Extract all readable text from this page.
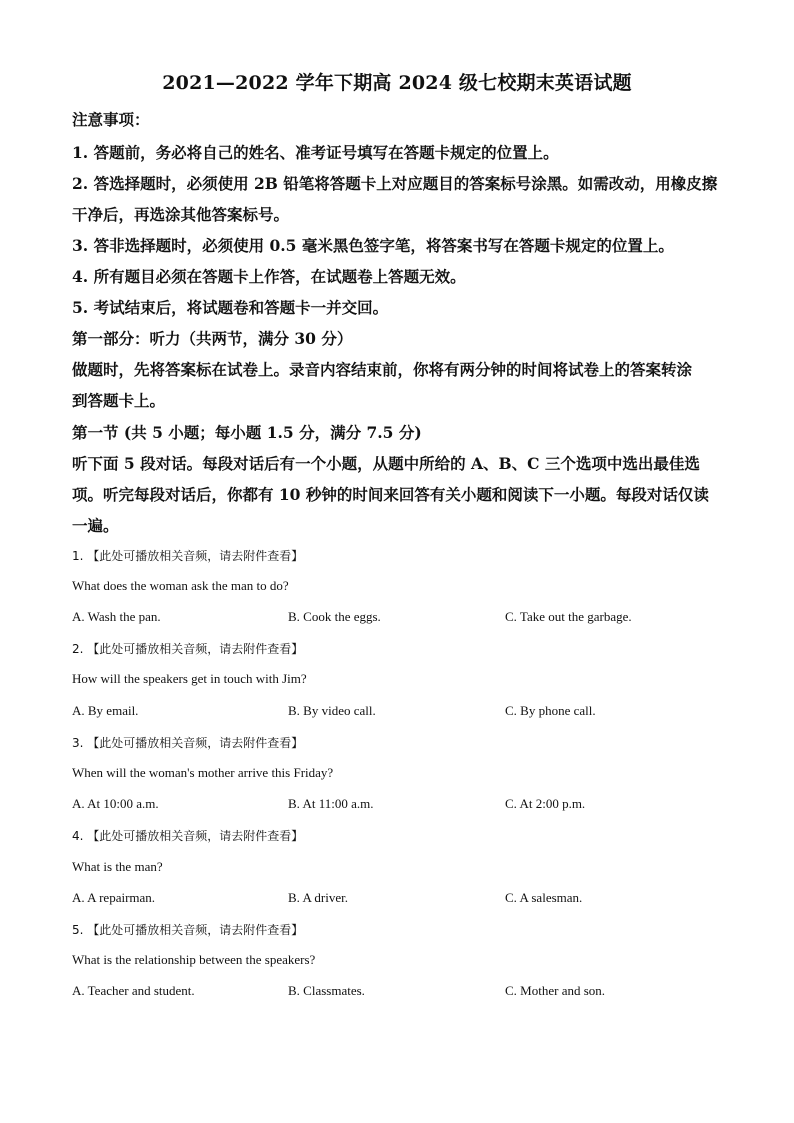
2021—2022 学年下期高 2024 级七校期末英语试题
注意事项：
1. 答题前，务必将自己的姓名、准考证号填写在答题卡规定的位置上。
2. 答选择题时，必须使用 2B 铅笔将答题卡上对应题目的答案标号涂黑。如需改动，用橡皮擦
干净后，再选涂其他答案标号。
3. 答非选择题时，必须使用 0.5 毫米黑色签字笔，将答案书写在答题卡规定的位置上。
4. 所有题目必须在答题卡上作答，在试题卷上答题无效。
5. 考试结束后，将试题卷和答题卡一并交回。
第一部分：听力（共两节，满分 30 分）
做题时，先将答案标在试卷上。录音内容结束前，你将有两分钟的时间将试卷上的答案转涂
到答题卡上。
第一节 (共 5 小题；每小题 1.5 分，满分 7.5 分)
听下面 5 段对话。每段对话后有一个小题，从题中所给的 A、B、C 三个选项中选出最佳选
项。听完每段对话后，你都有 10 秒钟的时间来回答有关小题和阅读下一小题。每段对话仅读
一遍。
1. 【此处可播放相关音频，请去附件查看】
What does the woman ask the man to do?
A. Wash the pan.	B. Cook the eggs.	C. Take out the garbage.
2. 【此处可播放相关音频，请去附件查看】
How will the speakers get in touch with Jim?
A. By email.	B. By video call.	C. By phone call.
3. 【此处可播放相关音频，请去附件查看】
When will the woman's mother arrive this Friday?
A. At 10:00 a.m.	B. At 11:00 a.m.	C. At 2:00 p.m.
4. 【此处可播放相关音频，请去附件查看】
What is the man?
A. A repairman.	B. A driver.	C. A salesman.
5. 【此处可播放相关音频，请去附件查看】
What is the relationship between the speakers?
A. Teacher and student.	B. Classmates.	C. Mother and son.
